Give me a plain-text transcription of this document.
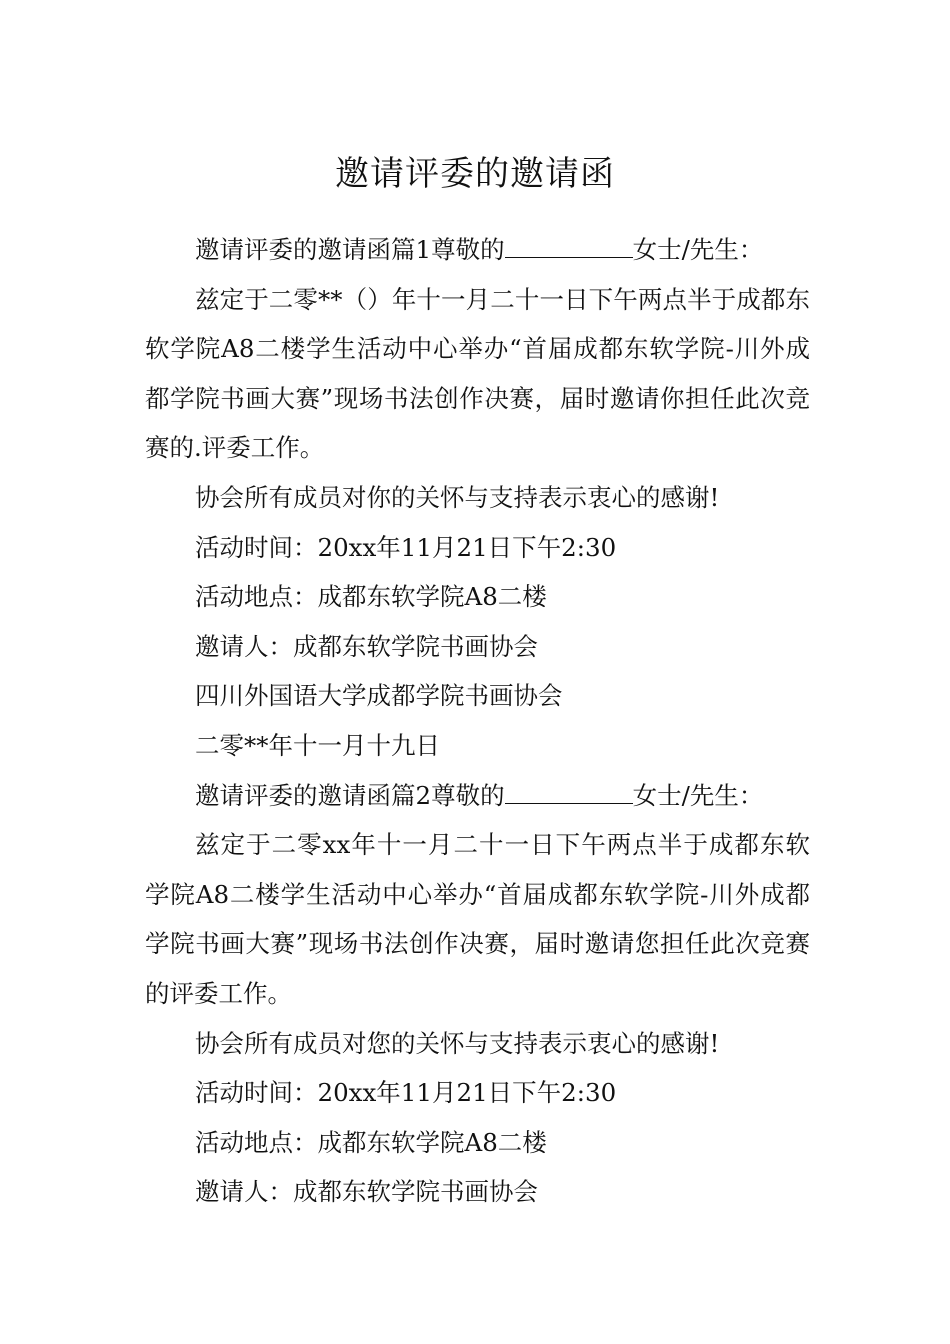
邀请评委的邀请函

邀请评委的邀请函篇1尊敬的	女士/先生：

兹定于二零**（）年十一月二十一日下午两点半于成都东软学院A8二楼学生活动中心举办“首届成都东软学院-川外成都学院书画大赛”现场书法创作决赛，届时邀请你担任此次竞赛的.评委工作。

协会所有成员对你的关怀与支持表示衷心的感谢!

活动时间：20xx年11月21日下午2:30

活动地点：成都东软学院A8二楼

邀请人：成都东软学院书画协会

四川外国语大学成都学院书画协会

二零**年十一月十九日

邀请评委的邀请函篇2尊敬的	女士/先生：

兹定于二零xx年十一月二十一日下午两点半于成都东软学院A8二楼学生活动中心举办“首届成都东软学院-川外成都学院书画大赛”现场书法创作决赛，届时邀请您担任此次竞赛的评委工作。

协会所有成员对您的关怀与支持表示衷心的感谢!

活动时间：20xx年11月21日下午2:30

活动地点：成都东软学院A8二楼

邀请人：成都东软学院书画协会
